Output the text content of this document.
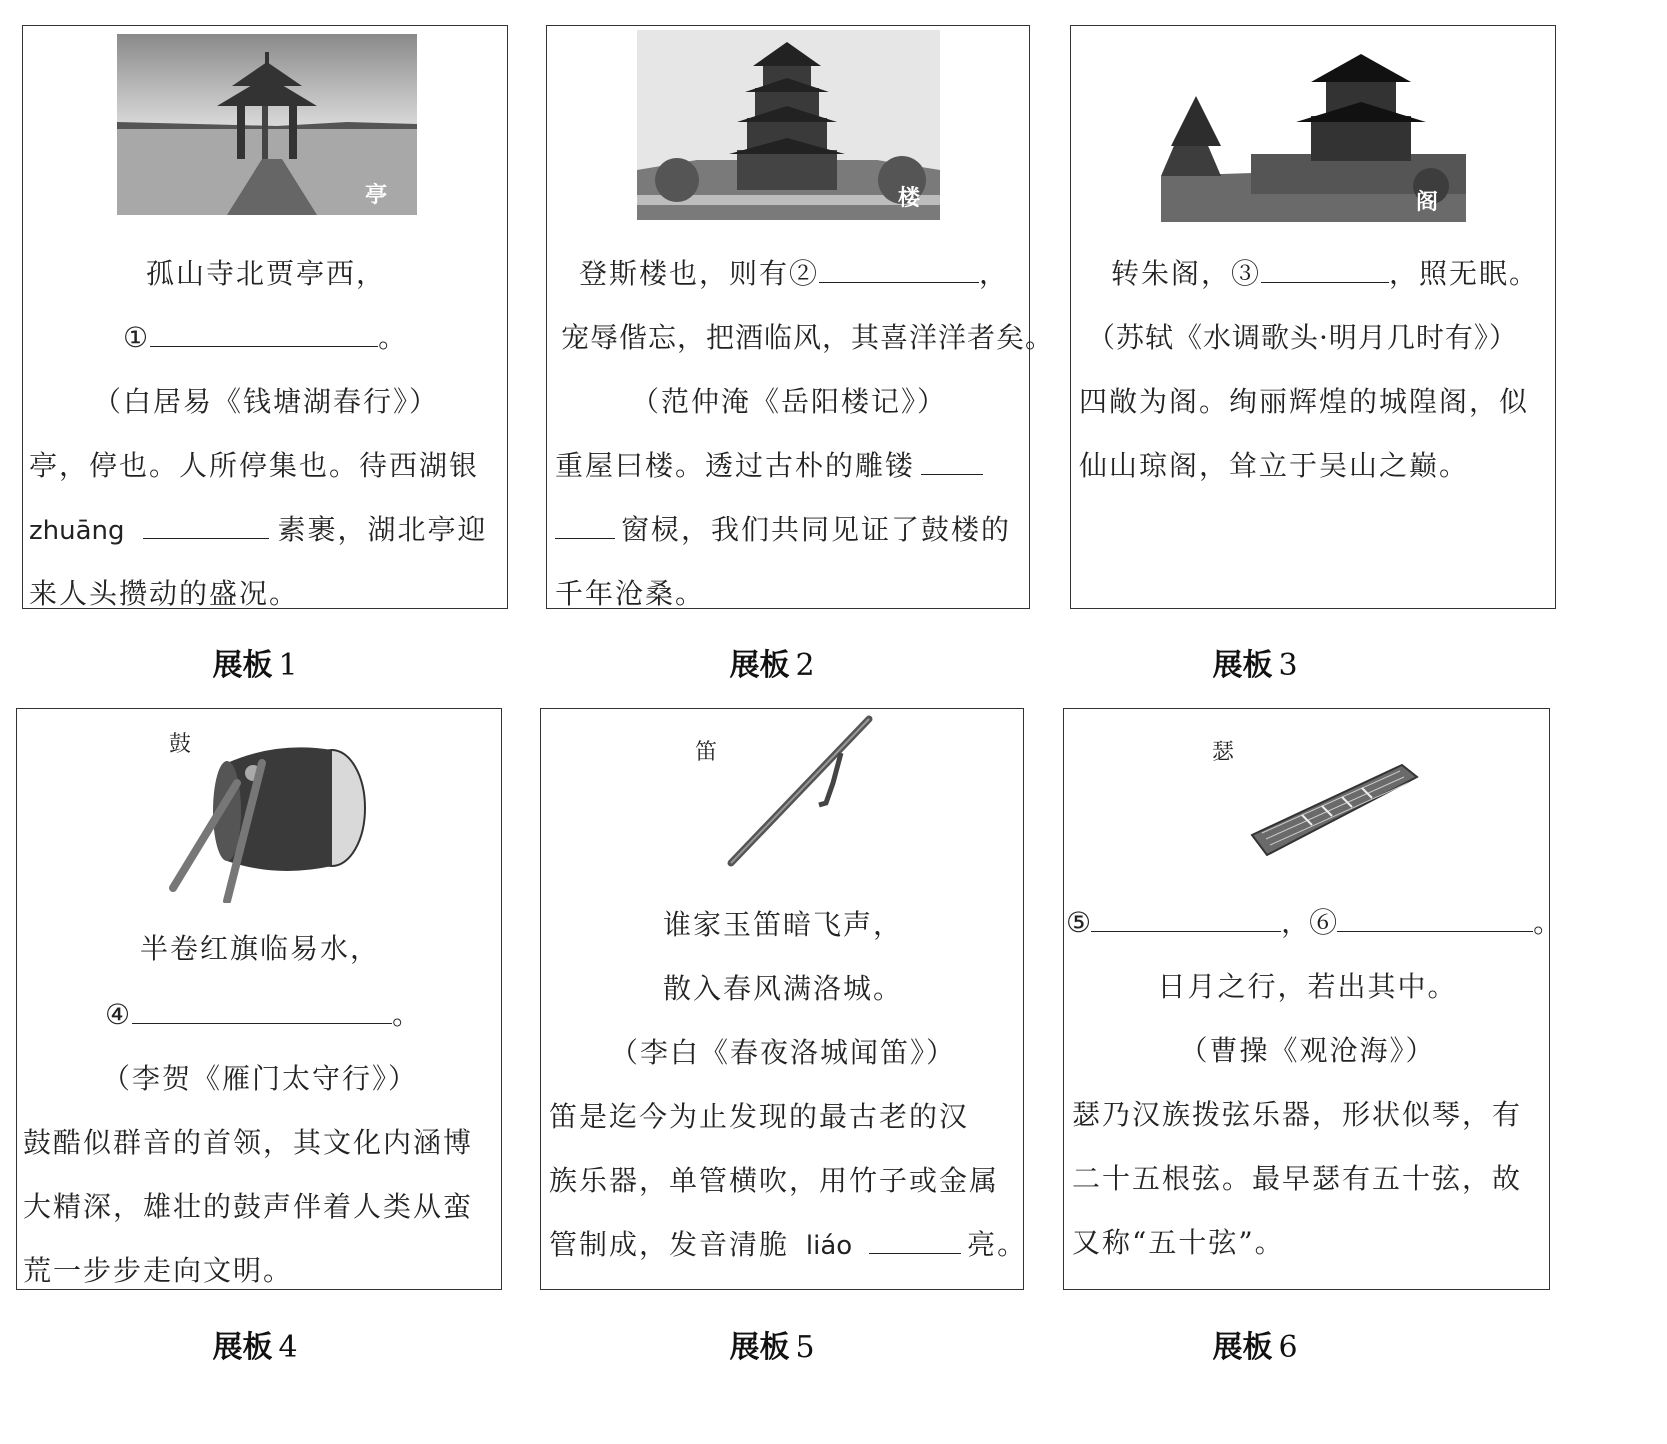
亭
孤山寺北贾亭西，
①	。
（白居易《钱塘湖春行》）
亭，停也。人所停集也。待西湖银
zhuāng	素裹，湖北亭迎
来人头攒动的盛况。
展板 1
楼
登斯楼也，则有②	，
宠辱偕忘，把酒临风，其喜洋洋者矣。
（范仲淹《岳阳楼记》）
重屋曰楼。透过古朴的雕镂
窗棂，我们共同见证了鼓楼的
千年沧桑。
展板 2
阁
转朱阁，③	，照无眠。
（苏轼《水调歌头·明月几时有》）
四敞为阁。绚丽辉煌的城隍阁，似
仙山琼阁，耸立于吴山之巅。
展板 3
鼓
半卷红旗临易水，
④	。
（李贺《雁门太守行》）
鼓酷似群音的首领，其文化内涵博
大精深，雄壮的鼓声伴着人类从蛮
荒一步步走向文明。
展板 4
笛
谁家玉笛暗飞声，
散入春风满洛城。
（李白《春夜洛城闻笛》）
笛是迄今为止发现的最古老的汉
族乐器，单管横吹，用竹子或金属
管制成，发音清脆 liáo	亮。
展板 5
瑟
⑤	，⑥	。
日月之行，若出其中。
（曹操《观沧海》）
瑟乃汉族拨弦乐器，形状似琴，有
二十五根弦。最早瑟有五十弦，故
又称“五十弦”。
展板 6
